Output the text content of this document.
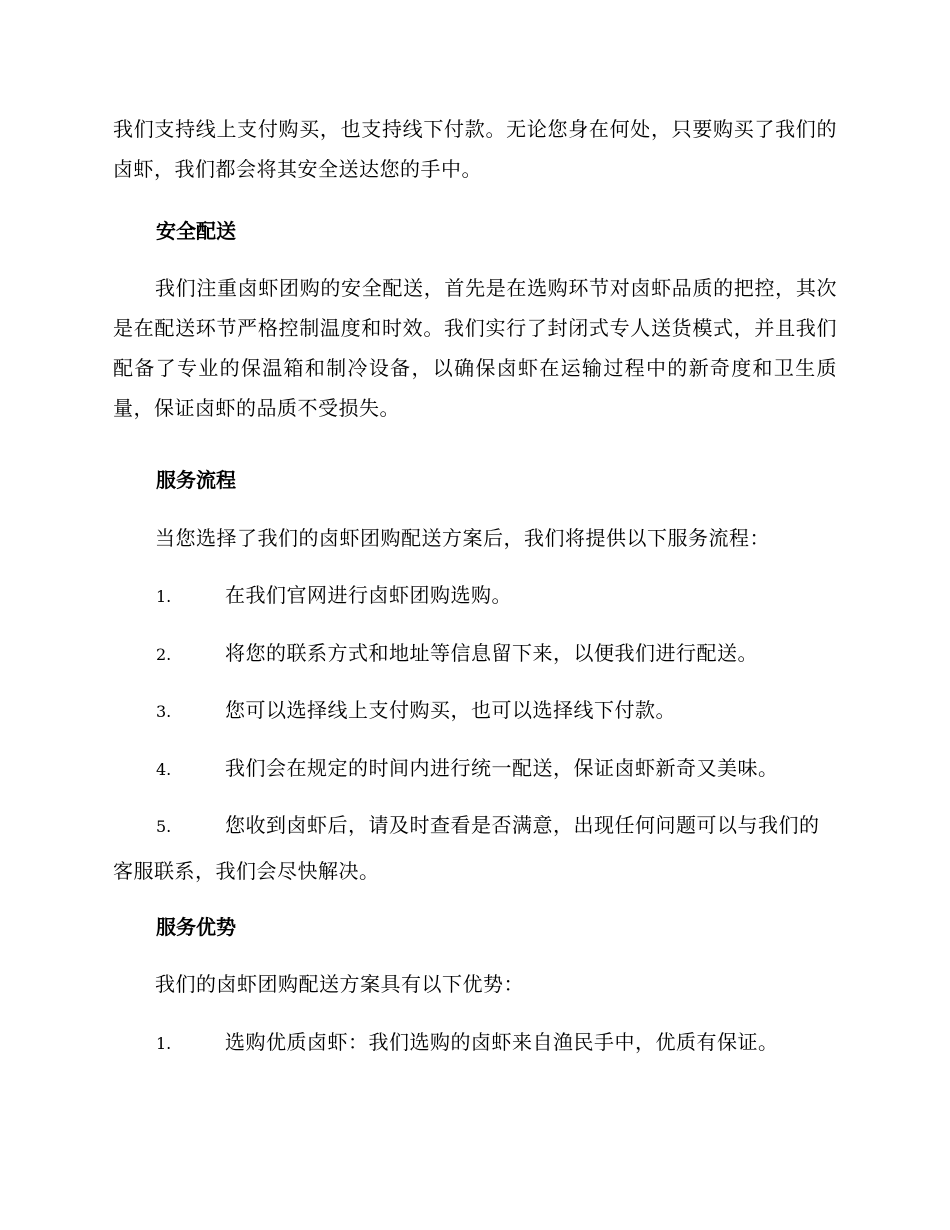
我们支持线上支付购买，也支持线下付款。无论您身在何处，只要购买了我们的卤虾，我们都会将其安全送达您的手中。

安全配送

我们注重卤虾团购的安全配送，首先是在选购环节对卤虾品质的把控，其次是在配送环节严格控制温度和时效。我们实行了封闭式专人送货模式，并且我们配备了专业的保温箱和制冷设备，以确保卤虾在运输过程中的新奇度和卫生质量，保证卤虾的品质不受损失。

服务流程

当您选择了我们的卤虾团购配送方案后，我们将提供以下服务流程：

1.	在我们官网进行卤虾团购选购。

2.	将您的联系方式和地址等信息留下来，以便我们进行配送。

3.	您可以选择线上支付购买，也可以选择线下付款。

4.	我们会在规定的时间内进行统一配送，保证卤虾新奇又美味。

5.	您收到卤虾后，请及时查看是否满意，出现任何问题可以与我们的客服联系，我们会尽快解决。

服务优势

我们的卤虾团购配送方案具有以下优势：

1.	选购优质卤虾：我们选购的卤虾来自渔民手中，优质有保证。
